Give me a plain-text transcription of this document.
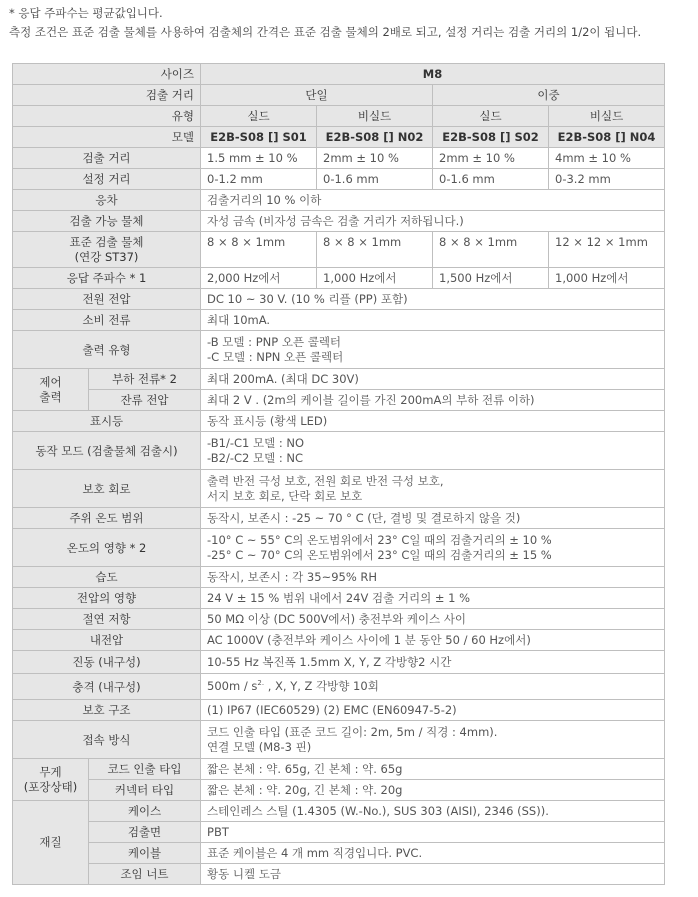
* 응답 주파수는 평균값입니다.
측정 조건은 표준 검출 물체를 사용하여 검출체의 간격은 표준 검출 물체의 2배로 되고, 설정 거리는 검출 거리의 1/2이 됩니다.
사이즈		M8			
검출 거리		단일		이중	
유형		실드	비실드	실드	비실드
모델		E2B-S08 [] S01	E2B-S08 [] N02	E2B-S08 [] S02	E2B-S08 [] N04
검출 거리		1.5 mm ± 10 %	2mm ± 10 %	2mm ± 10 %	4mm ± 10 %
설정 거리		0-1.2 mm	0-1.6 mm	0-1.6 mm	0-3.2 mm
응차		검출거리의 10 % 이하			
검출 가능 물체		자성 금속 (비자성 금속은 검출 거리가 저하됩니다.)			

표준 검출 물체
(연강 ST37)		8 × 8 × 1mm	8 × 8 × 1mm	8 × 8 × 1mm	12 × 12 × 1mm
응답 주파수 * 1		2,000 Hz에서	1,000 Hz에서	1,500 Hz에서	1,000 Hz에서
전원 전압		DC 10 ~ 30 V. (10 % 리플 (PP) 포함)			
소비 전류		최대 10mA.			
출력 유형		-B 모델 : PNP 오픈 콜렉터
-C 모델 : NPN 오픈 콜렉터			

제어
출력	부하 전류* 2	최대 200mA. (최대 DC 30V)			
	잔류 전압	최대 2 V . (2m의 케이블 길이를 가진 200mA의 부하 전류 이하)			
표시등		동작 표시등 (황색 LED)			
동작 모드 (검출물체 검출시)		-B1/-C1 모델 : NO
-B2/-C2 모델 : NC			

보호 회로		출력 반전 극성 보호, 전원 회로 반전 극성 보호,
서지 보호 회로, 단락 회로 보호			

주위 온도 범위		동작시, 보존시 : -25 ~ 70 ° C (단, 결빙 및 결로하지 않을 것)			
온도의 영향 * 2		-10° C ~ 55° C의 온도범위에서 23° C일 때의 검출거리의 ± 10 %
-25° C ~ 70° C의 온도범위에서 23° C일 때의 검출거리의 ± 15 %			

습도		동작시, 보존시 : 각 35~95% RH			
전압의 영향		24 V ± 15 % 범위 내에서 24V 검출 거리의 ± 1 %			
절연 저항		50 MΩ 이상 (DC 500V에서) 충전부와 케이스 사이			
내전압		AC 1000V (충전부와 케이스 사이에 1 분 동안 50 / 60 Hz에서)			
진동 (내구성)		10-55 Hz 복진폭 1.5mm X, Y, Z 각방향2 시간			
충격 (내구성)		$500m / s^{2.}$ , X, Y, Z 각방향 10회			
보호 구조		(1) IP67 (IEC60529) (2) EMC (EN60947-5-2)			
접속 방식		코드 인출 타입 (표준 코드 길이: 2m, 5m / 직경 : 4mm).
연결 모델 (M8-3 핀)			

무게
(포장상태)	코드 인출 타입	짧은 본체 : 약. 65g, 긴 본체 : 약. 65g			
	커넥터 타입	짧은 본체 : 약. 20g, 긴 본체 : 약. 20g			
재질	케이스	스테인레스 스틸 (1.4305 (W.-No.), SUS 303 (AISI), 2346 (SS)).			
	검출면	PBT			
	케이블	표준 케이블은 4 개 mm 직경입니다. PVC.			
	조임 너트	황동 니켈 도금			
